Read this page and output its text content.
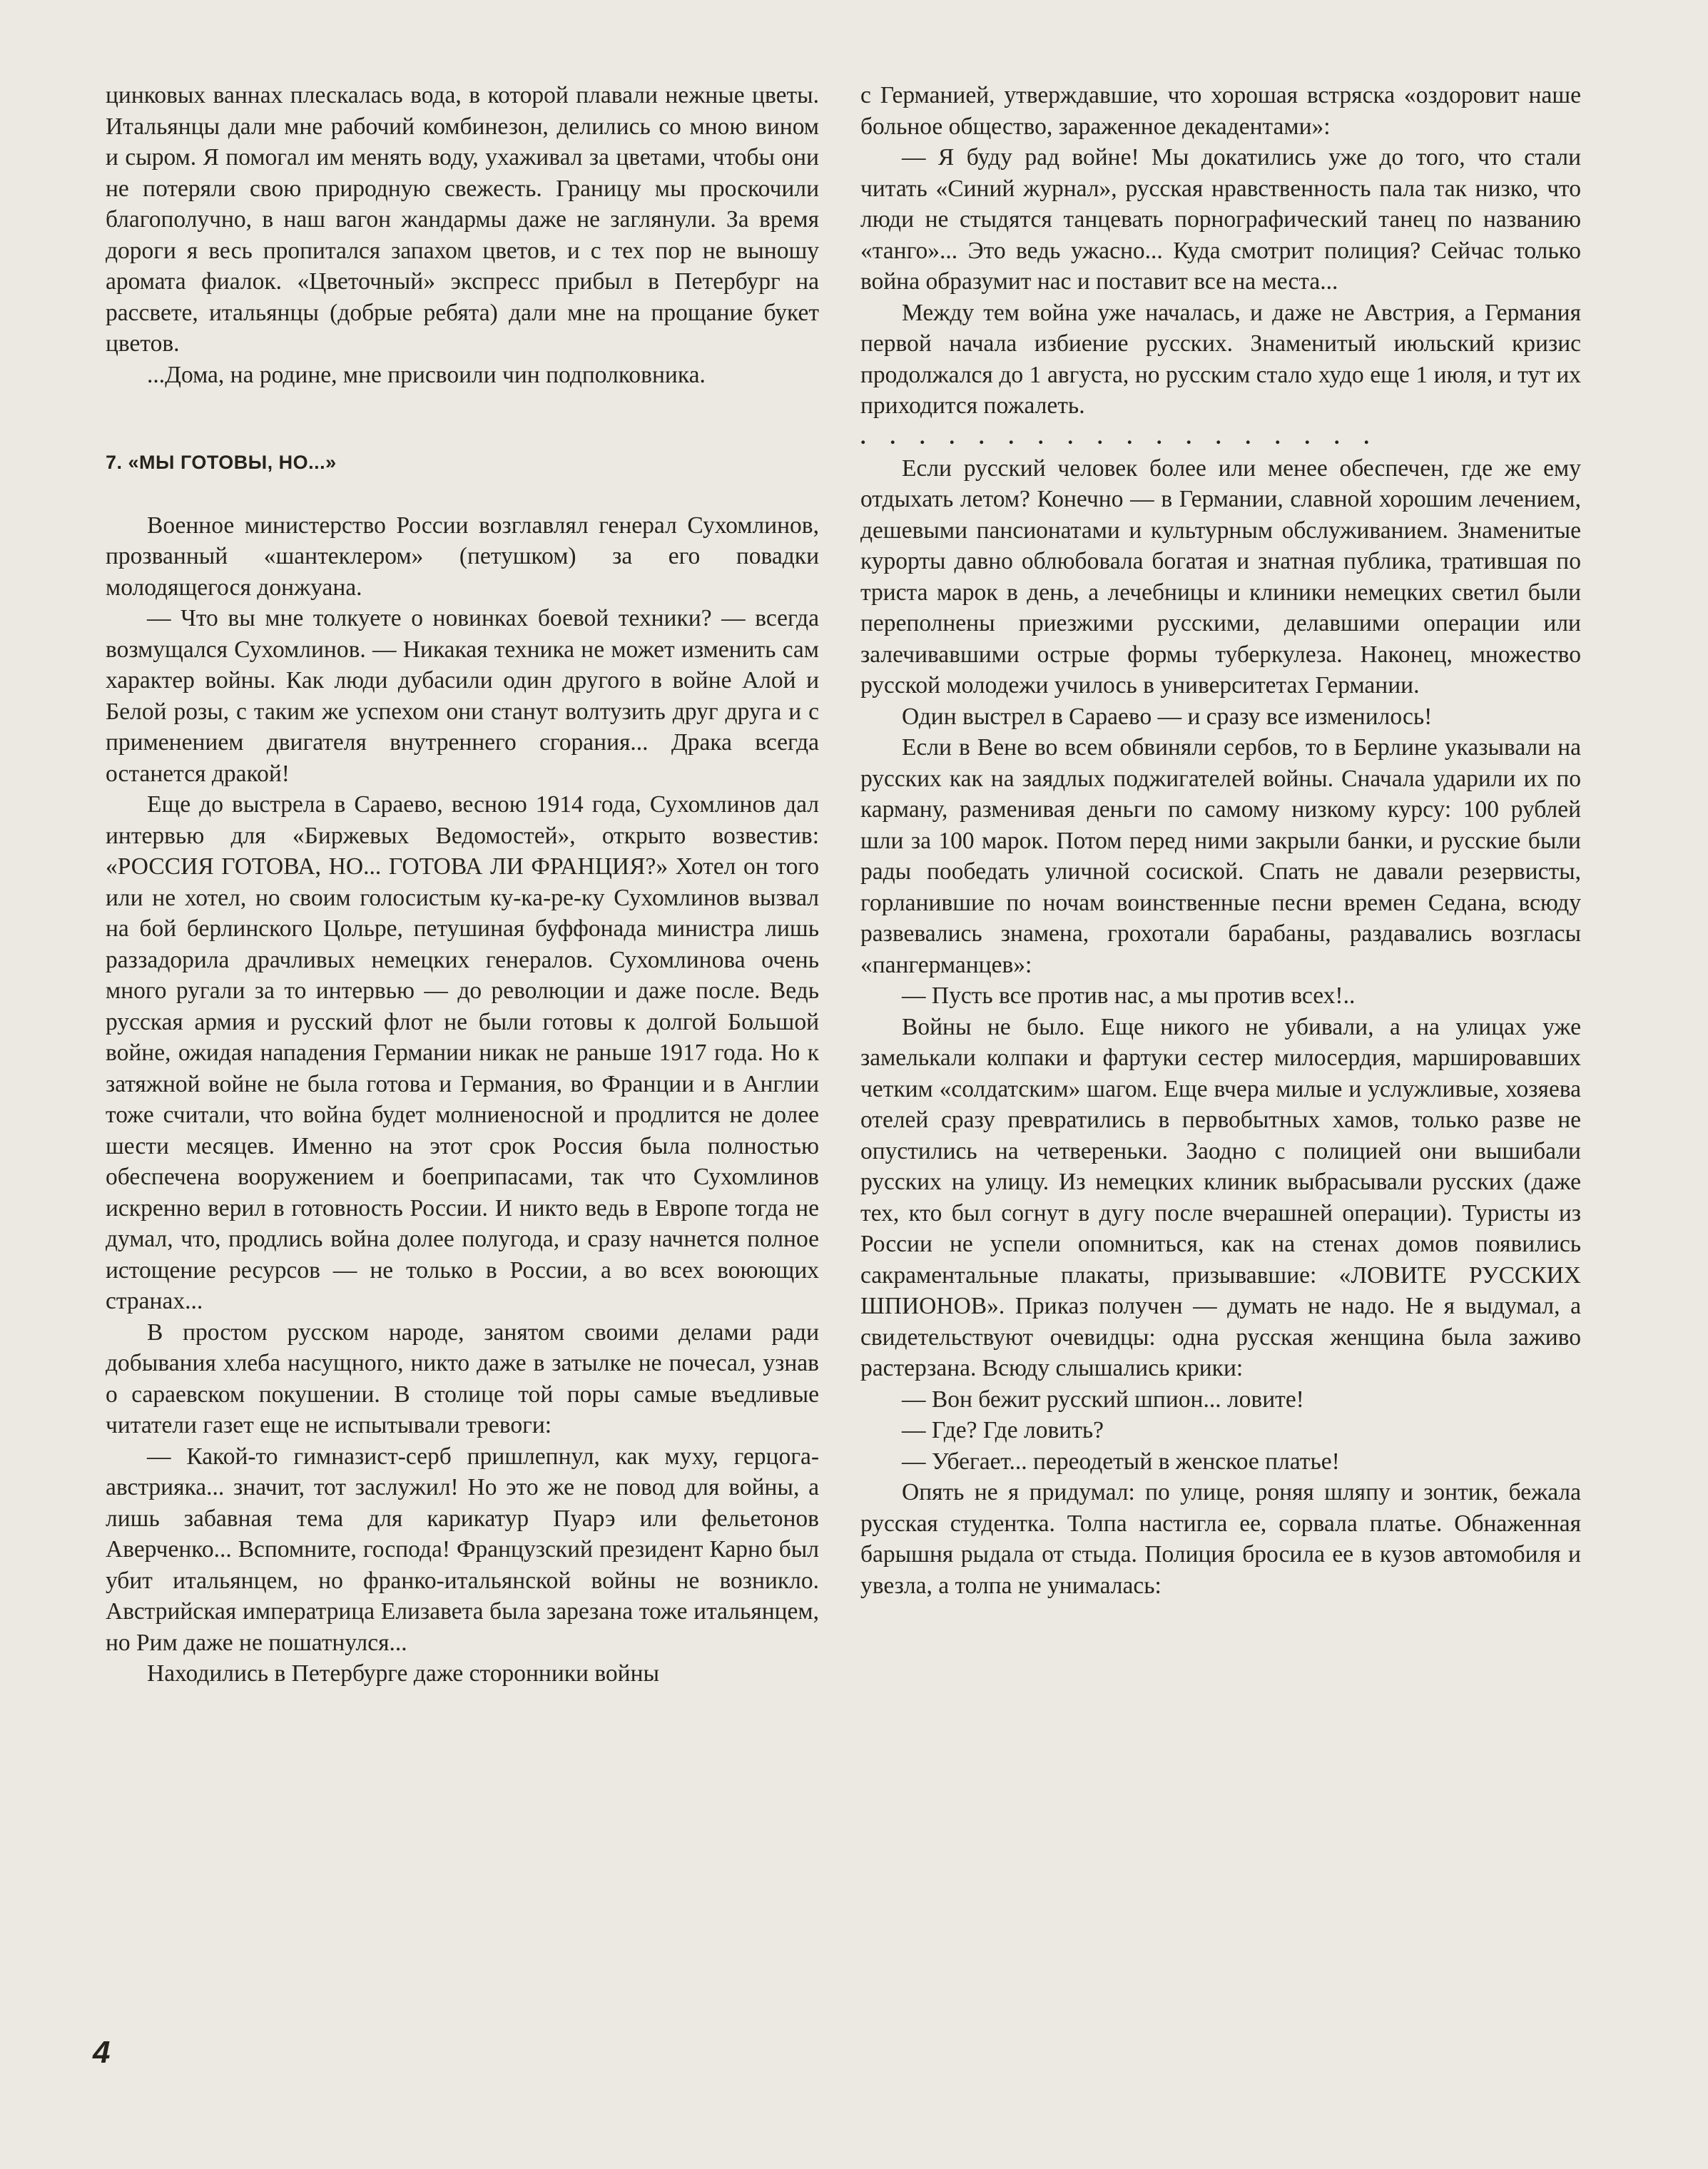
цинковых ваннах плескалась вода, в которой плавали нежные цветы. Итальянцы дали мне рабочий комбинезон, делились со мною вином и сыром. Я помогал им менять воду, ухаживал за цветами, чтобы они не потеряли свою природную свежесть. Границу мы проскочили благополучно, в наш вагон жандармы даже не заглянули. За время дороги я весь пропитался запахом цветов, и с тех пор не выношу аромата фиалок. «Цветочный» экспресс прибыл в Петербург на рассвете, итальянцы (добрые ребята) дали мне на прощание букет цветов.

...Дома, на родине, мне присвоили чин подполковника.

7. «МЫ ГОТОВЫ, НО...»

Военное министерство России возглавлял генерал Сухомлинов, прозванный «шантеклером» (петушком) за его повадки молодящегося донжуана.

— Что вы мне толкуете о новинках боевой техники? — всегда возмущался Сухомлинов. — Никакая техника не может изменить сам характер войны. Как люди дубасили один другого в войне Алой и Белой розы, с таким же успехом они станут волтузить друг друга и с применением двигателя внутреннего сгорания... Драка всегда останется дракой!

Еще до выстрела в Сараево, весною 1914 года, Сухомлинов дал интервью для «Биржевых Ведомостей», открыто возвестив: «РОССИЯ ГОТОВА, НО... ГОТОВА ЛИ ФРАНЦИЯ?» Хотел он того или не хотел, но своим голосистым ку-ка-ре-ку Сухомлинов вызвал на бой берлинского Цольре, петушиная буффонада министра лишь раззадорила драчливых немецких генералов. Сухомлинова очень много ругали за то интервью — до революции и даже после. Ведь русская армия и русский флот не были готовы к долгой Большой войне, ожидая нападения Германии никак не раньше 1917 года. Но к затяжной войне не была готова и Германия, во Франции и в Англии тоже считали, что война будет молниеносной и продлится не долее шести месяцев. Именно на этот срок Россия была полностью обеспечена вооружением и боеприпасами, так что Сухомлинов искренно верил в готовность России. И никто ведь в Европе тогда не думал, что, продлись война долее полугода, и сразу начнется полное истощение ресурсов — не только в России, а во всех воюющих странах...

В простом русском народе, занятом своими делами ради добывания хлеба насущного, никто даже в затылке не почесал, узнав о сараевском покушении. В столице той поры самые въедливые читатели газет еще не испытывали тревоги:

— Какой-то гимназист-серб пришлепнул, как муху, герцога-австрияка... значит, тот заслужил! Но это же не повод для войны, а лишь забавная тема для карикатур Пуарэ или фельетонов Аверченко... Вспомните, господа! Французский президент Карно был убит итальянцем, но франко-итальянской войны не возникло. Австрийская императрица Елизавета была зарезана тоже итальянцем, но Рим даже не пошатнулся...

Находились в Петербурге даже сторонники войны

с Германией, утверждавшие, что хорошая встряска «оздоровит наше больное общество, зараженное декадентами»:

— Я буду рад войне! Мы докатились уже до того, что стали читать «Синий журнал», русская нравственность пала так низко, что люди не стыдятся танцевать порнографический танец по названию «танго»... Это ведь ужасно... Куда смотрит полиция? Сейчас только война образумит нас и поставит все на места...

Между тем война уже началась, и даже не Австрия, а Германия первой начала избиение русских. Знаменитый июльский кризис продолжался до 1 августа, но русским стало худо еще 1 июля, и тут их приходится пожалеть.

..................

Если русский человек более или менее обеспечен, где же ему отдыхать летом? Конечно — в Германии, славной хорошим лечением, дешевыми пансионатами и культурным обслуживанием. Знаменитые курорты давно облюбовала богатая и знатная публика, тратившая по триста марок в день, а лечебницы и клиники немецких светил были переполнены приезжими русскими, делавшими операции или залечивавшими острые формы туберкулеза. Наконец, множество русской молодежи училось в университетах Германии.

Один выстрел в Сараево — и сразу все изменилось!

Если в Вене во всем обвиняли сербов, то в Берлине указывали на русских как на заядлых поджигателей войны. Сначала ударили их по карману, разменивая деньги по самому низкому курсу: 100 рублей шли за 100 марок. Потом перед ними закрыли банки, и русские были рады пообедать уличной сосиской. Спать не давали резервисты, горланившие по ночам воинственные песни времен Седана, всюду развевались знамена, грохотали барабаны, раздавались возгласы «пангерманцев»:

— Пусть все против нас, а мы против всех!..

Войны не было. Еще никого не убивали, а на улицах уже замелькали колпаки и фартуки сестер милосердия, маршировавших четким «солдатским» шагом. Еще вчера милые и услужливые, хозяева отелей сразу превратились в первобытных хамов, только разве не опустились на четвереньки. Заодно с полицией они вышибали русских на улицу. Из немецких клиник выбрасывали русских (даже тех, кто был согнут в дугу после вчерашней операции). Туристы из России не успели опомниться, как на стенах домов появились сакраментальные плакаты, призывавшие: «ЛОВИТЕ РУССКИХ ШПИОНОВ». Приказ получен — думать не надо. Не я выдумал, а свидетельствуют очевидцы: одна русская женщина была заживо растерзана. Всюду слышались крики:

— Вон бежит русский шпион... ловите!

— Где? Где ловить?

— Убегает... переодетый в женское платье!

Опять не я придумал: по улице, роняя шляпу и зонтик, бежала русская студентка. Толпа настигла ее, сорвала платье. Обнаженная барышня рыдала от стыда. Полиция бросила ее в кузов автомобиля и увезла, а толпа не унималась:

4
